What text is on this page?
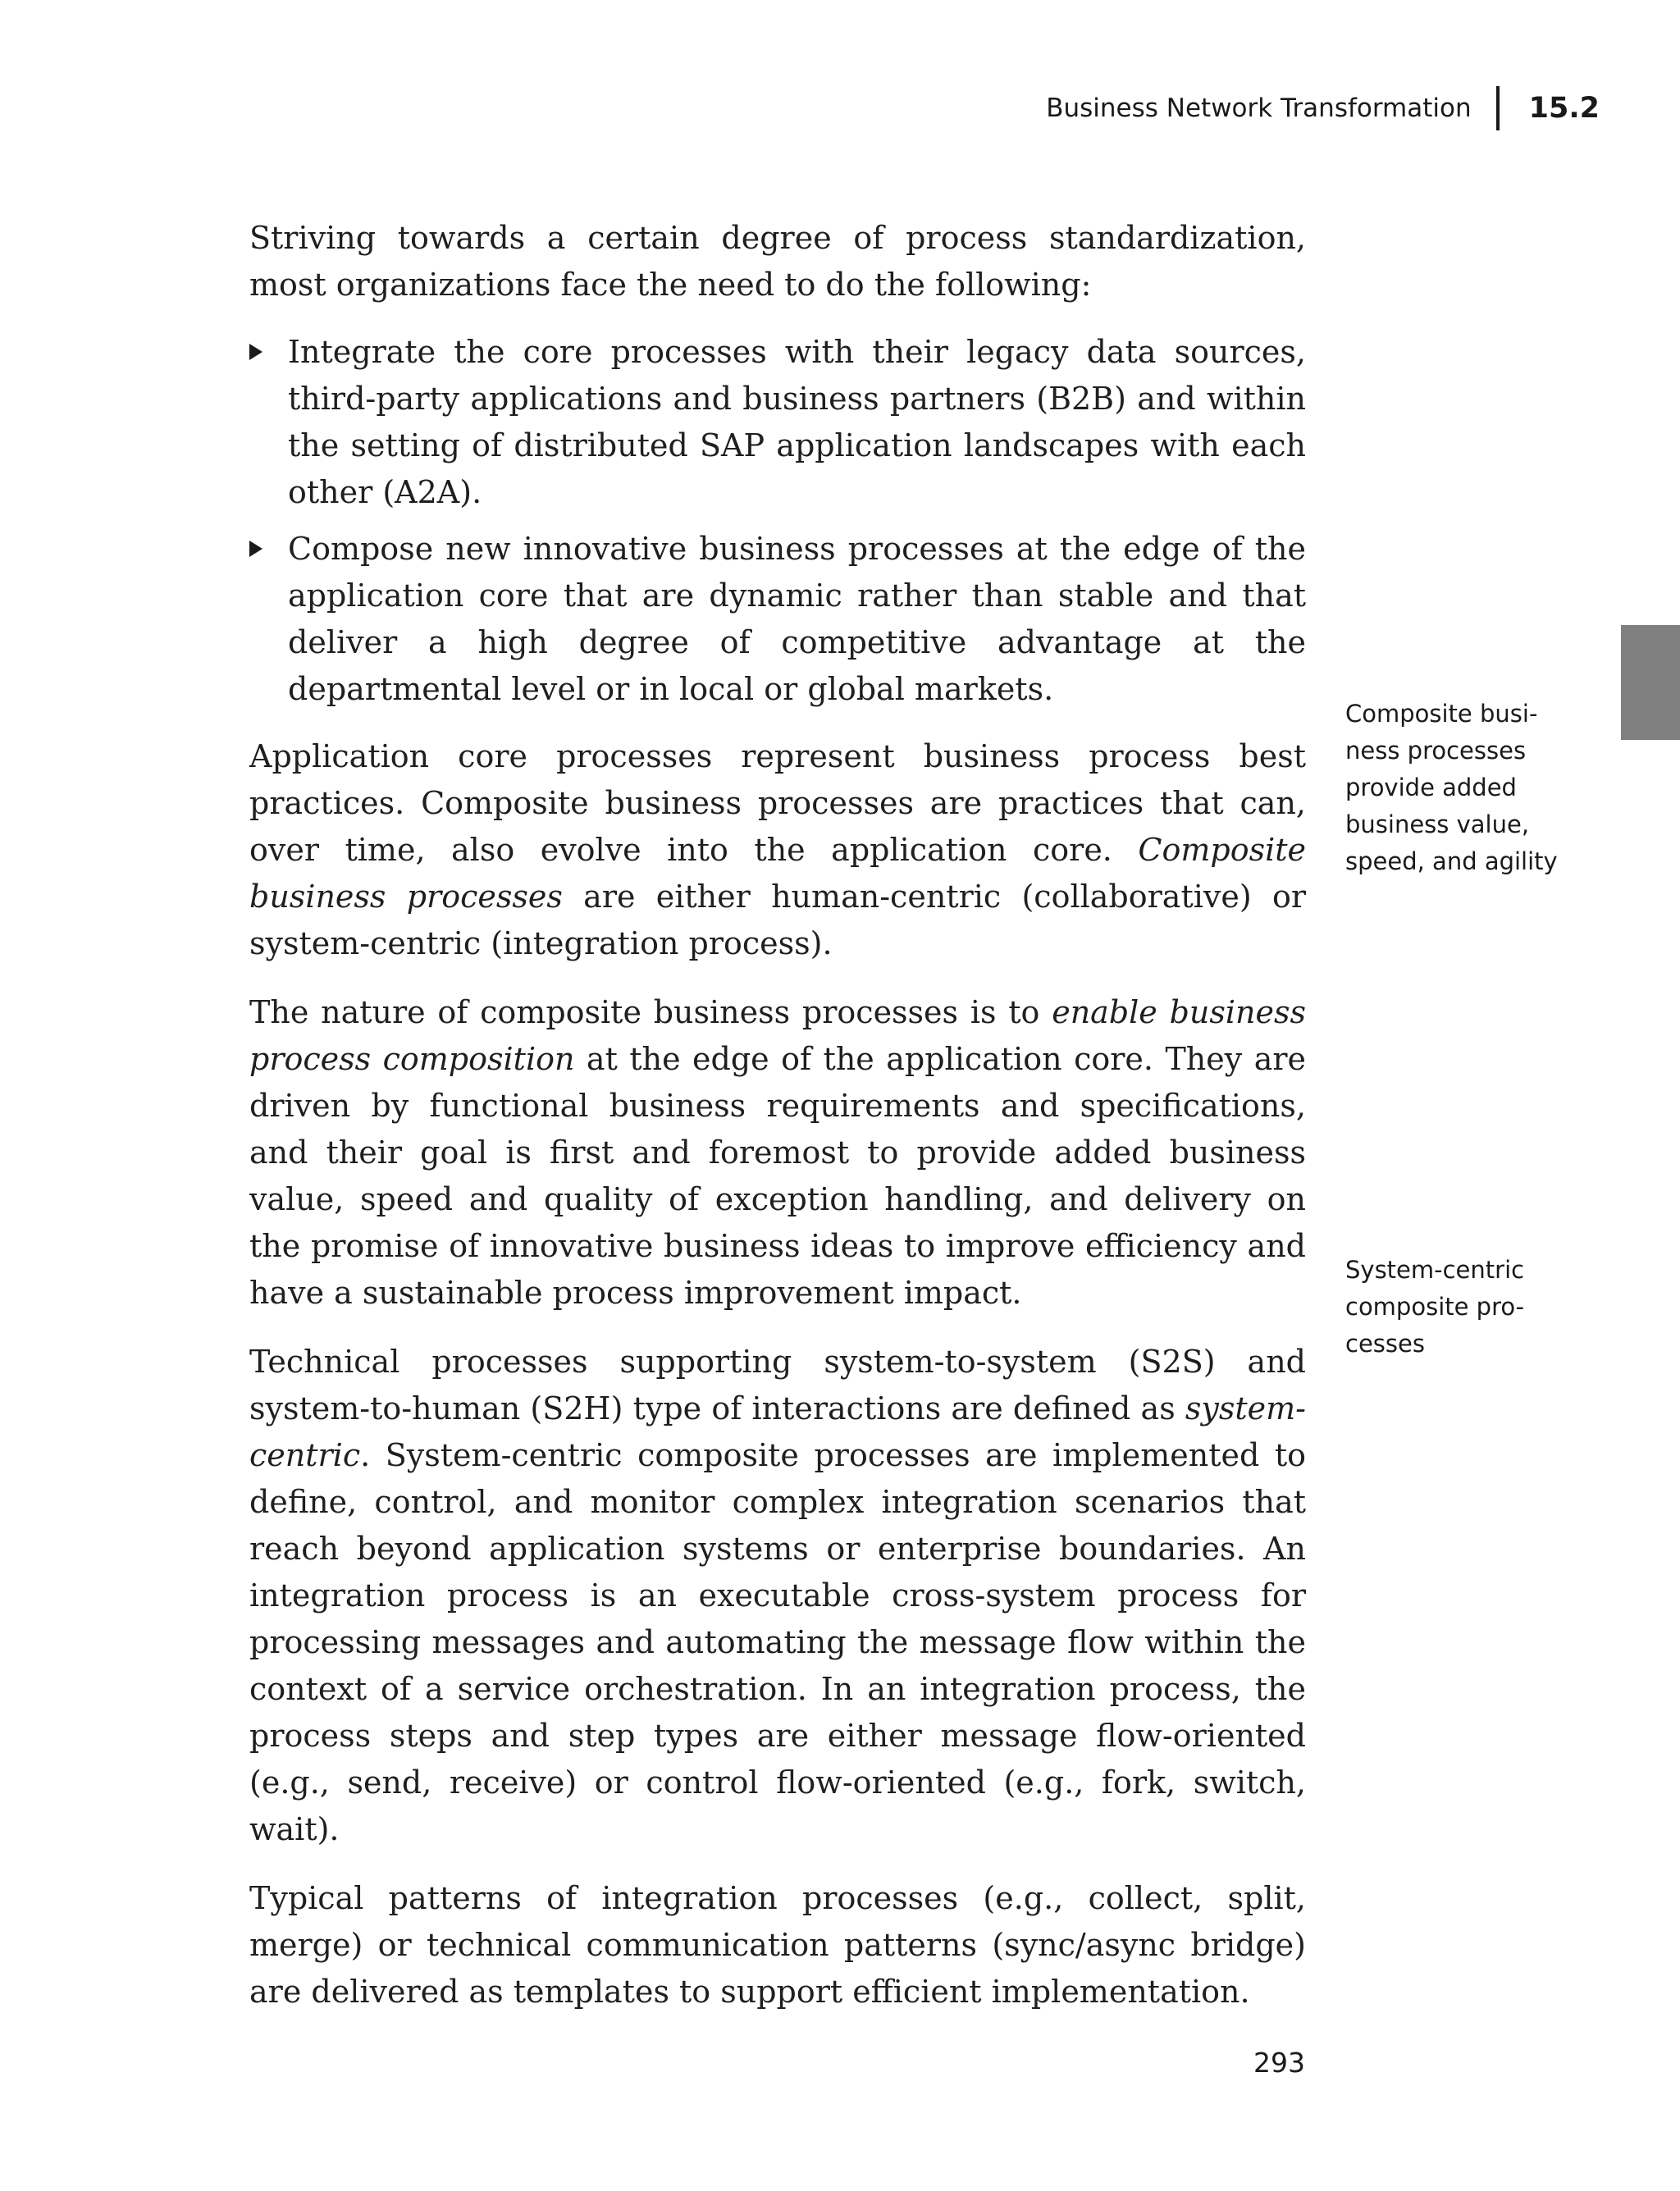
Business Network Transformation 15.2

Striving towards a certain degree of process standardization, most organizations face the need to do the following:

Integrate the core processes with their legacy data sources, third-party applications and business partners (B2B) and within the setting of distributed SAP application landscapes with each other (A2A).
Compose new innovative business processes at the edge of the application core that are dynamic rather than stable and that deliver a high degree of competitive advantage at the departmental level or in local or global markets.

Application core processes represent business process best practices. Composite business processes are practices that can, over time, also evolve into the application core. Composite business processes are either human-centric (collaborative) or system-centric (integration process).

The nature of composite business processes is to enable business process composition at the edge of the application core. They are driven by functional business requirements and specifications, and their goal is first and foremost to provide added business value, speed and quality of exception handling, and delivery on the promise of innovative business ideas to improve efficiency and have a sustainable process improvement impact.

Technical processes supporting system-to-system (S2S) and system-to-human (S2H) type of interactions are defined as system-centric. System-centric composite processes are implemented to define, control, and monitor complex integration scenarios that reach beyond application systems or enterprise boundaries. An integration process is an executable cross-system process for processing messages and automating the message flow within the context of a service orchestration. In an integration process, the process steps and step types are either message flow-oriented (e.g., send, receive) or control flow-oriented (e.g., fork, switch, wait).

Typical patterns of integration processes (e.g., collect, split, merge) or technical communication patterns (sync/async bridge) are delivered as templates to support efficient implementation.

Composite busi-
ness processes
provide added
business value,
speed, and agility
System-centric
composite pro-
cesses
293
